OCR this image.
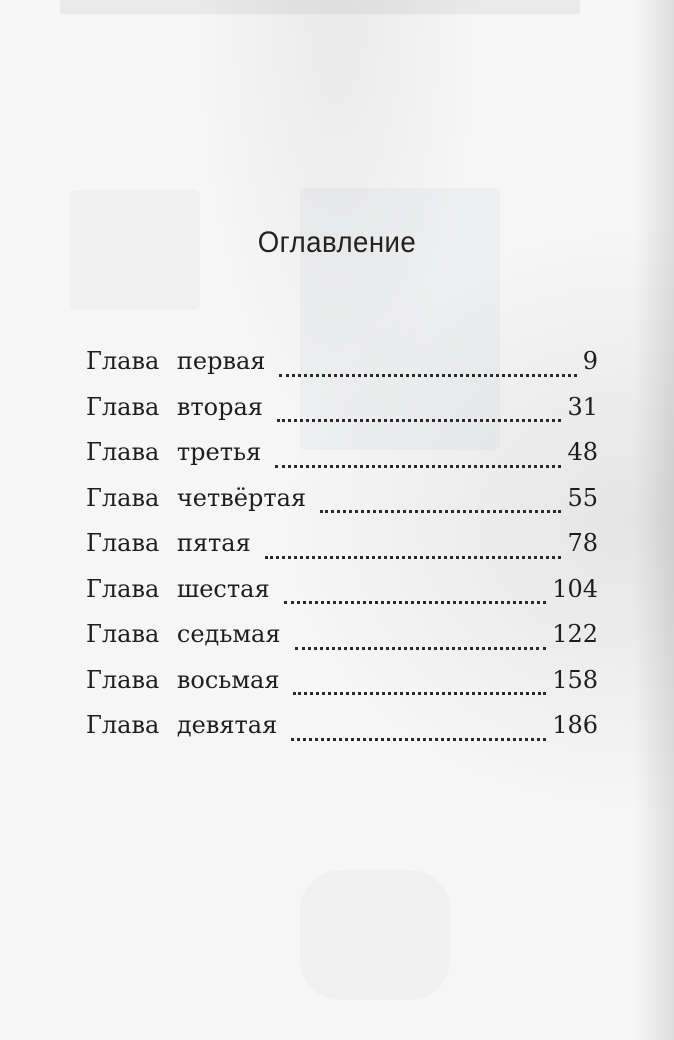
Оглавление
Глава первая	9
Глава вторая	31
Глава третья	48
Глава четвёртая	55
Глава пятая	78
Глава шестая	104
Глава седьмая	122
Глава восьмая	158
Глава девятая	186
